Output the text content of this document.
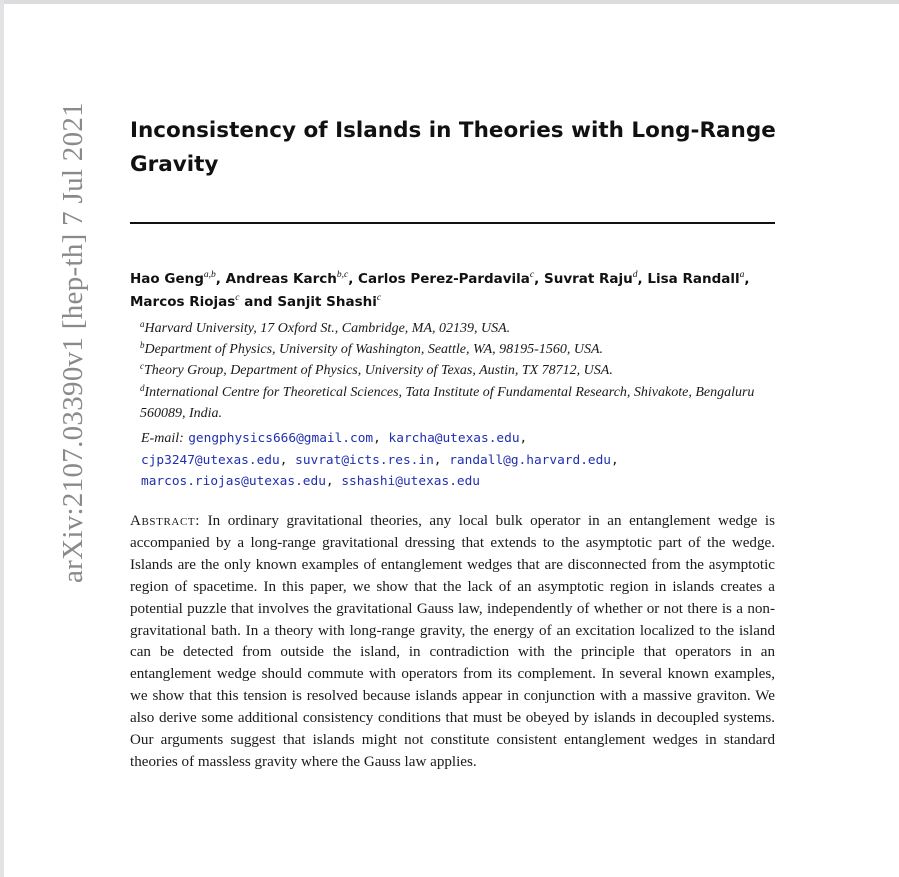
arXiv:2107.03390v1 [hep-th] 7 Jul 2021 Inconsistency of Islands in Theories with Long-Range Gravity
Hao Geng$^{a,b}$, Andreas Karch$^{b,c}$, Carlos Perez-Pardavila$^c$, Suvrat Raju$^d$, Lisa Randall$^a$,
Marcos Riojas$^c$ and Sanjit Shashi$^c$
$^a$Harvard University, 17 Oxford St., Cambridge, MA, 02139, USA.
$^b$Department of Physics, University of Washington, Seattle, WA, 98195-1560, USA.
$^c$Theory Group, Department of Physics, University of Texas, Austin, TX 78712, USA.
$^d$International Centre for Theoretical Sciences, Tata Institute of Fundamental Research, Shivakote, Bengaluru 560089, India.
E-mail: gengphysics666@gmail.com, karcha@utexas.edu,
cjp3247@utexas.edu, suvrat@icts.res.in, randall@g.harvard.edu,
marcos.riojas@utexas.edu, sshashi@utexas.edu

Abstract: In ordinary gravitational theories, any local bulk operator in an entanglement wedge is accompanied by a long-range gravitational dressing that extends to the asymptotic part of the wedge. Islands are the only known examples of entanglement wedges that are disconnected from the asymptotic region of spacetime. In this paper, we show that the lack of an asymptotic region in islands creates a potential puzzle that involves the gravitational Gauss law, independently of whether or not there is a non-gravitational bath. In a theory with long-range gravity, the energy of an excitation localized to the island can be detected from outside the island, in contradiction with the principle that operators in an entanglement wedge should commute with operators from its complement. In several known examples, we show that this tension is resolved because islands appear in conjunction with a massive graviton. We also derive some additional consistency conditions that must be obeyed by islands in decoupled systems. Our arguments suggest that islands might not constitute consistent entanglement wedges in standard theories of massless gravity where the Gauss law applies.
